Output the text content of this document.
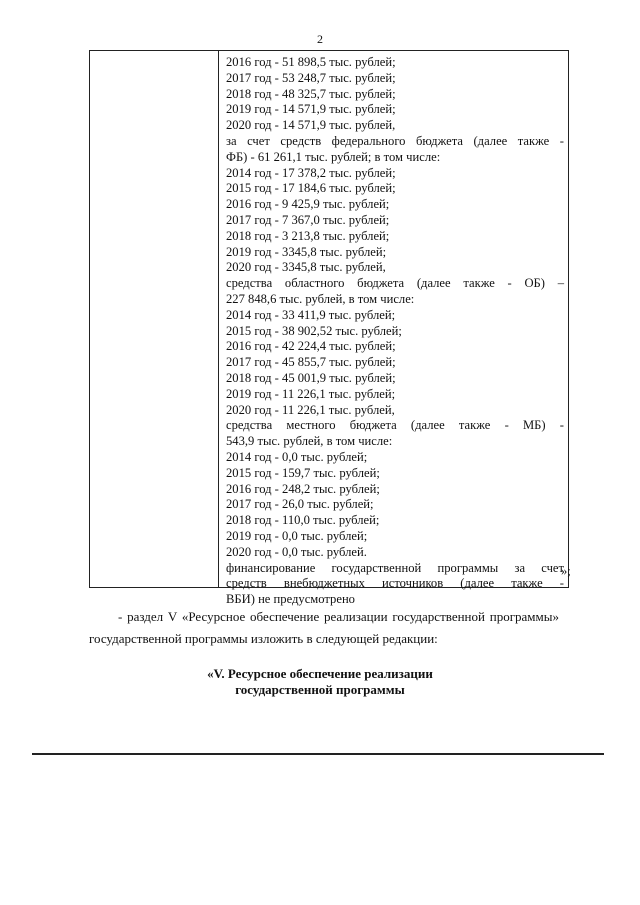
2
2016 год - 51 898,5 тыс. рублей;
2017 год - 53 248,7 тыс. рублей;
2018 год - 48 325,7 тыс. рублей;
2019 год - 14 571,9 тыс. рублей;
2020 год - 14 571,9 тыс. рублей,
за счет средств федерального бюджета (далее также -
ФБ) - 61 261,1 тыс. рублей; в том числе:
2014 год - 17 378,2 тыс. рублей;
2015 год - 17 184,6 тыс. рублей;
2016 год - 9 425,9 тыс. рублей;
2017 год - 7 367,0 тыс. рублей;
2018 год - 3 213,8 тыс. рублей;
2019 год - 3345,8 тыс. рублей;
2020 год - 3345,8 тыс. рублей,
средства областного бюджета (далее также - ОБ) –
227 848,6 тыс. рублей, в том числе:
2014 год - 33 411,9 тыс. рублей;
2015 год - 38 902,52 тыс. рублей;
2016 год - 42 224,4 тыс. рублей;
2017 год - 45 855,7 тыс. рублей;
2018 год - 45 001,9 тыс. рублей;
2019 год - 11 226,1 тыс. рублей;
2020 год - 11 226,1 тыс. рублей,
средства местного бюджета (далее также - МБ) -
543,9 тыс. рублей, в том числе:
2014 год - 0,0 тыс. рублей;
2015 год - 159,7 тыс. рублей;
2016 год - 248,2 тыс. рублей;
2017 год - 26,0 тыс. рублей;
2018 год - 110,0 тыс. рублей;
2019 год - 0,0 тыс. рублей;
2020 год - 0,0 тыс. рублей.
финансирование государственной программы за счет
средств внебюджетных источников (далее также -
ВБИ) не предусмотрено
»;
- раздел V «Ресурсное обеспечение реализации государственной программы» государственной программы изложить в следующей редакции:
«V. Ресурсное обеспечение реализации
государственной программы
